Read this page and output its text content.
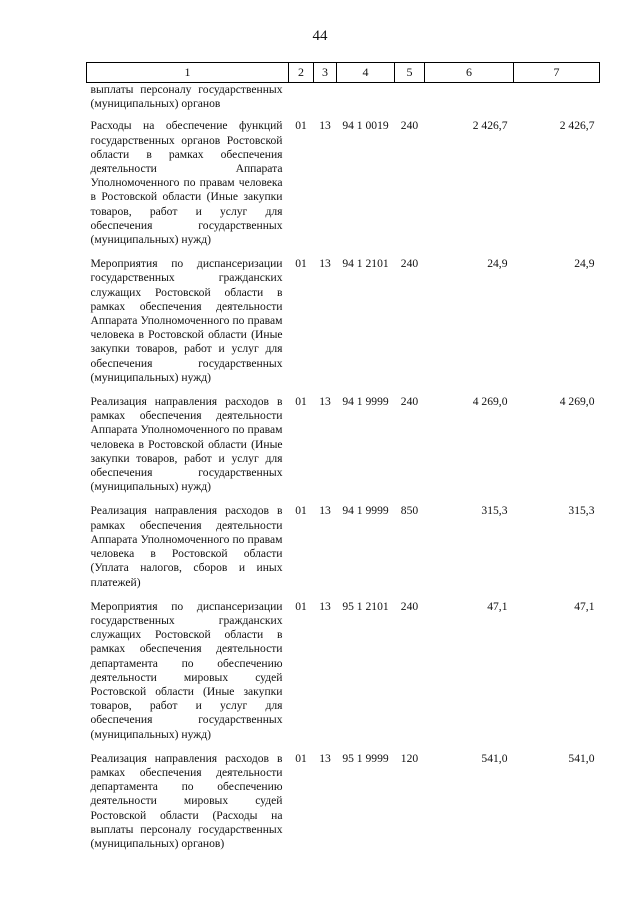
44
1	2	3	4	5	6	7
выплаты персоналу государственных (муниципальных) органов						
Расходы на обеспечение функций государственных органов Ростовской области в рамках обеспечения деятельности Аппарата Уполномоченного по правам человека в Ростовской области (Иные закупки товаров, работ и услуг для обеспечения государственных (муниципальных) нужд)	01	13	94 1 0019	240	2 426,7	2 426,7
Мероприятия по диспансеризации государственных гражданских служащих Ростовской области в рамках обеспечения деятельности Аппарата Уполномоченного по правам человека в Ростовской области (Иные закупки товаров, работ и услуг для обеспечения государственных (муниципальных) нужд)	01	13	94 1 2101	240	24,9	24,9
Реализация направления расходов в рамках обеспечения деятельности Аппарата Уполномоченного по правам человека в Ростовской области (Иные закупки товаров, работ и услуг для обеспечения государственных (муниципальных) нужд)	01	13	94 1 9999	240	4 269,0	4 269,0
Реализация направления расходов в рамках обеспечения деятельности Аппарата Уполномоченного по правам человека в Ростовской области (Уплата налогов, сборов и иных платежей)	01	13	94 1 9999	850	315,3	315,3
Мероприятия по диспансеризации государственных гражданских служащих Ростовской области в рамках обеспечения деятельности департамента по обеспечению деятельности мировых судей Ростовской области (Иные закупки товаров, работ и услуг для обеспечения государственных (муниципальных) нужд)	01	13	95 1 2101	240	47,1	47,1
Реализация направления расходов в рамках обеспечения деятельности департамента по обеспечению деятельности мировых судей Ростовской области (Расходы на выплаты персоналу государственных (муниципальных) органов)	01	13	95 1 9999	120	541,0	541,0
